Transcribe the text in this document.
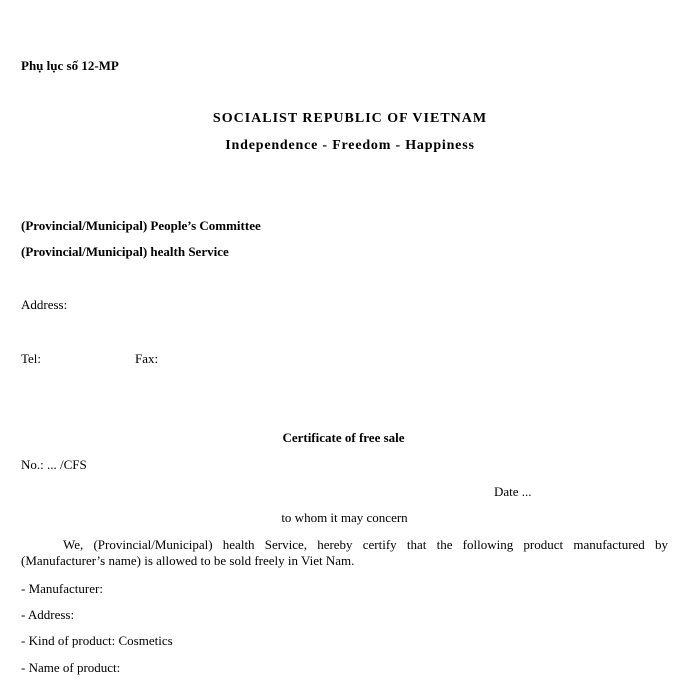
Phụ lục số 12-MP
SOCIALIST REPUBLIC OF VIETNAM
Independence - Freedom - Happiness
(Provincial/Municipal) People’s Committee
(Provincial/Municipal) health Service
Address:
Tel:	Fax:
Certificate of free sale
No.: ... /CFS
Date ...
to whom it may concern
We, (Provincial/Municipal) health Service, hereby certify that the following product manufactured by (Manufacturer’s name) is allowed to be sold freely in Viet Nam.
- Manufacturer:
- Address:
- Kind of product: Cosmetics
- Name of product:
